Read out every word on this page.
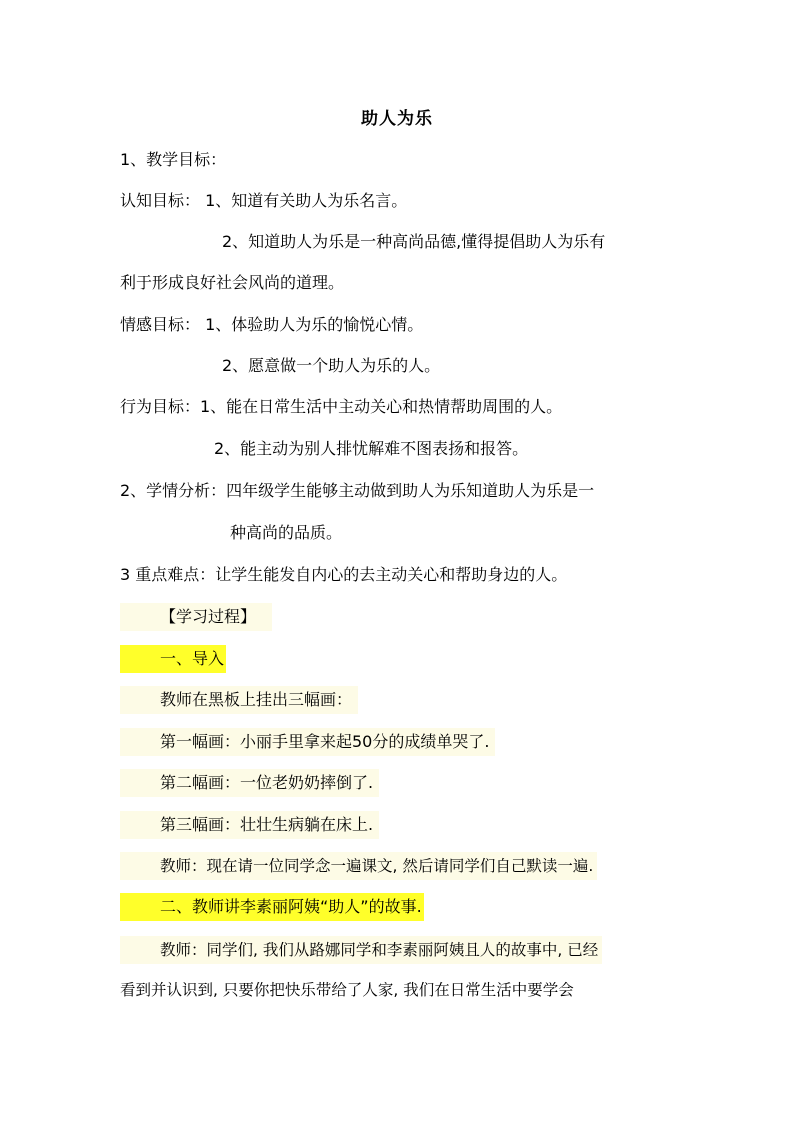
助人为乐
1、教学目标：
认知目标： 1、知道有关助人为乐名言。
2、知道助人为乐是一种高尚品德,懂得提倡助人为乐有
利于形成良好社会风尚的道理。
情感目标： 1、体验助人为乐的愉悦心情。
2、愿意做一个助人为乐的人。
行为目标：1、能在日常生活中主动关心和热情帮助周围的人。
2、能主动为别人排忧解难不图表扬和报答。
2、学情分析：四年级学生能够主动做到助人为乐知道助人为乐是一
种高尚的品质。
3 重点难点：让学生能发自内心的去主动关心和帮助身边的人。
【学习过程】
一、导入
教师在黑板上挂出三幅画：
第一幅画：小丽手里拿来起50分的成绩单哭了.
第二幅画：一位老奶奶摔倒了.
第三幅画：壮壮生病躺在床上.
教师：现在请一位同学念一遍课文, 然后请同学们自己默读一遍.
二、教师讲李素丽阿姨“助人”的故事.
教师：同学们, 我们从路娜同学和李素丽阿姨且人的故事中, 已经
看到并认识到, 只要你把快乐带给了人家, 我们在日常生活中要学会
